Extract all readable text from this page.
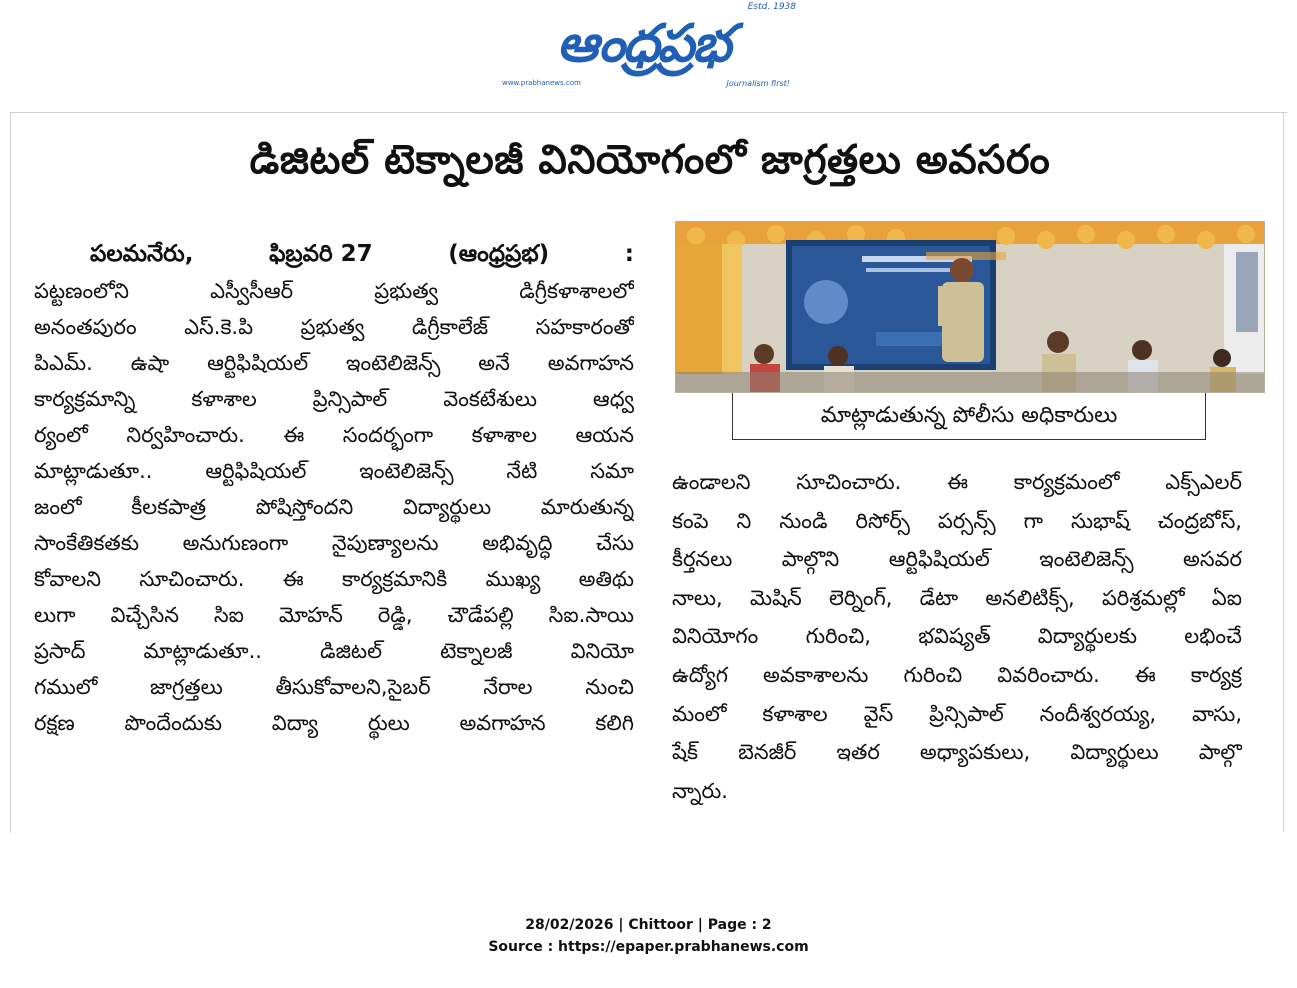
ఆంధ్రప్రభ
Estd. 1938
www.prabhanews.com	Journalism first!
డిజిటల్ టెక్నాలజీ వినియోగంలో జాగ్రత్తలు అవసరం
పలమనేరు,	ఫిబ్రవరి 27	(ఆంధ్రప్రభ)	:
పట్టణంలోని ఎస్వీసీఆర్ ప్రభుత్వ డిగ్రీకళాశాలలో
అనంతపురం ఎస్.కె.పి ప్రభుత్వ డిగ్రీకాలేజ్ సహకారంతో
పిఎమ్. ఉషా ఆర్టిఫిషియల్ ఇంటెలిజెన్స్ అనే అవగాహన
కార్యక్రమాన్ని కళాశాల ప్రిన్సిపాల్ వెంకటేశులు ఆధ్వ
ర్యంలో నిర్వహించారు. ఈ సందర్భంగా కళాశాల ఆయన
మాట్లాడుతూ.. ఆర్టిఫిషియల్ ఇంటెలిజెన్స్ నేటి సమా
జంలో కీలకపాత్ర పోషిస్తోందని విద్యార్థులు మారుతున్న
సాంకేతికతకు అనుగుణంగా నైపుణ్యాలను అభివృద్ధి చేసు
కోవాలని సూచించారు. ఈ కార్యక్రమానికి ముఖ్య అతిథు
లుగా విచ్చేసిన సిఐ మోహన్ రెడ్డి, చౌడేపల్లి సిఐ.సాయి
ప్రసాద్ మాట్లాడుతూ.. డిజిటల్ టెక్నాలజీ వినియో
గములో జాగ్రత్తలు తీసుకోవాలని,సైబర్ నేరాల నుంచి
రక్షణ పొందేందుకు విద్యా ర్థులు అవగాహన కలిగి
మాట్లాడుతున్న పోలీసు అధికారులు
ఉండాలని సూచించారు. ఈ కార్యక్రమంలో ఎక్స్ఎలర్
కంపె ని నుండి రిసోర్స్ పర్సన్స్ గా సుభాష్ చంద్రబోస్,
కీర్తనలు పాల్గొని ఆర్టిఫిషియల్ ఇంటెలిజెన్స్ అసవర
నాలు, మెషిన్ లెర్నింగ్, డేటా అనలిటిక్స్, పరిశ్రమల్లో ఏఐ
వినియోగం గురించి, భవిష్యత్ విద్యార్థులకు లభించే
ఉద్యోగ అవకాశాలను గురించి వివరించారు. ఈ కార్యక్ర
మంలో కళాశాల వైస్ ప్రిన్సిపాల్ నందీశ్వరయ్య, వాసు,
షేక్ బెనజీర్ ఇతర అధ్యాపకులు, విద్యార్థులు పాల్గొ
న్నారు.
28/02/2026 | Chittoor | Page : 2
Source : https://epaper.prabhanews.com
